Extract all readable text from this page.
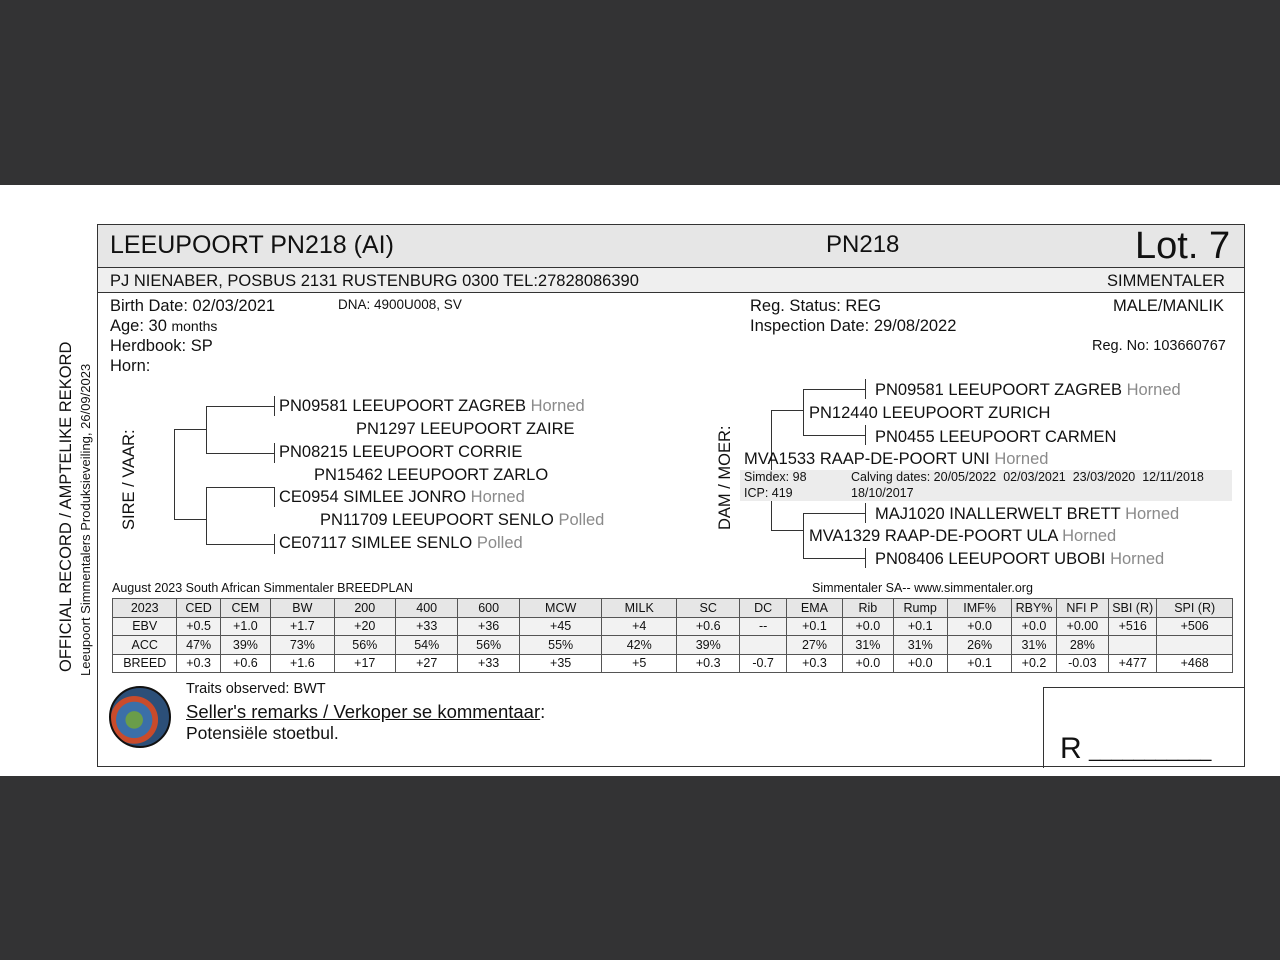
LEEUPOORT PN218 (AI)	PN218	Lot. 7
PJ NIENABER, POSBUS 2131 RUSTENBURG 0300 TEL:27828086390	SIMMENTALER
Birth Date: 02/03/2021	DNA: 4900U008, SV
Age: 30 months
Herdbook: SP
Horn:
Reg. Status: REG
Inspection Date: 29/08/2022
MALE/MANLIK
Reg. No: 103660767
OFFICIAL RECORD / AMPTELIKE REKORD Leeupoort Simmentalers Produksieveiling, 26/09/2023 SIRE / VAAR:	DAM / MOER:
PN09581 LEEUPOORT ZAGREB Horned
PN1297 LEEUPOORT ZAIRE
PN08215 LEEUPOORT CORRIE
PN15462 LEEUPOORT ZARLO
CE0954 SIMLEE JONRO Horned
PN11709 LEEUPOORT SENLO Polled
CE07117 SIMLEE SENLO Polled
PN09581 LEEUPOORT ZAGREB Horned
PN12440 LEEUPOORT ZURICH
PN0455 LEEUPOORT CARMEN
MVA1533 RAAP-DE-POORT UNI Horned
Simdex: 98
ICP: 419
Calving dates: 20/05/2022  02/03/2021  23/03/2020  12/11/2018
18/10/2017
MAJ1020 INALLERWELT BRETT Horned
MVA1329 RAAP-DE-POORT ULA Horned
PN08406 LEEUPOORT UBOBI Horned
August 2023 South African Simmentaler BREEDPLAN	Simmentaler SA-- www.simmentaler.org
2023	CED	CEM	BW	200	400	600	MCW	MILK	SC	DC	EMA	Rib	Rump	IMF%	RBY%	NFI P	SBI (R)	SPI (R)
EBV	+0.5	+1.0	+1.7	+20	+33	+36	+45	+4	+0.6	--	+0.1	+0.0	+0.1	+0.0	+0.0	+0.00	+516	+506
ACC	47%	39%	73%	56%	54%	56%	55%	42%	39%		27%	31%	31%	26%	31%	28%		
BREED	+0.3	+0.6	+1.6	+17	+27	+33	+35	+5	+0.3	-0.7	+0.3	+0.0	+0.0	+0.1	+0.2	-0.03	+477	+468
Traits observed: BWT
Seller's remarks / Verkoper se kommentaar:
Potensiële stoetbul.	R ___________
